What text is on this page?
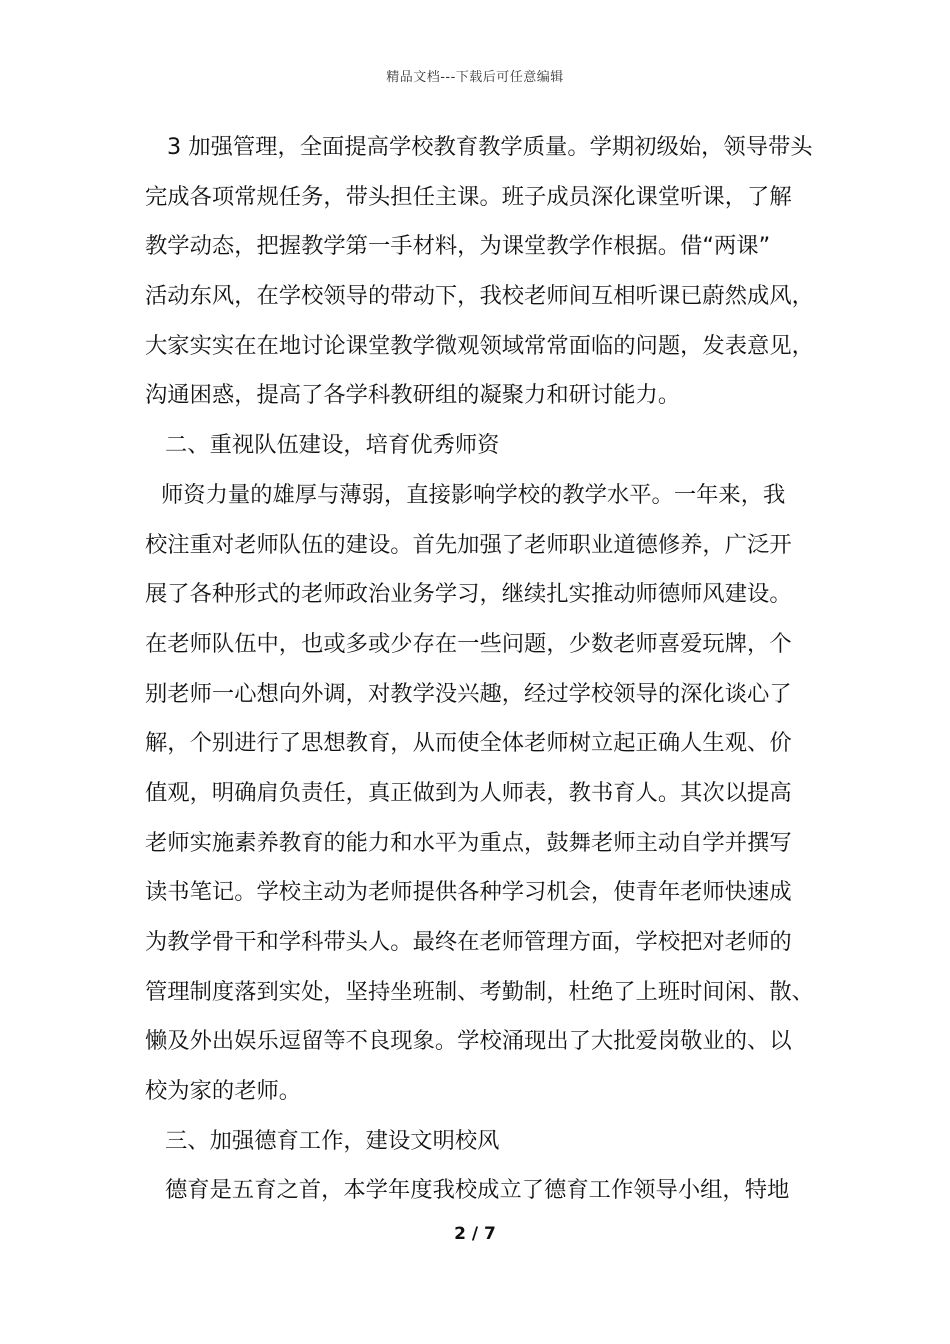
精品文档---下载后可任意编辑
3 加强管理，全面提高学校教育教学质量。学期初级始，领导带头
完成各项常规任务，带头担任主课。班子成员深化课堂听课，了解
教学动态，把握教学第一手材料，为课堂教学作根据。借“两课”
活动东风，在学校领导的带动下，我校老师间互相听课已蔚然成风，
大家实实在在地讨论课堂教学微观领域常常面临的问题，发表意见，
沟通困惑，提高了各学科教研组的凝聚力和研讨能力。
二、重视队伍建设，培育优秀师资
师资力量的雄厚与薄弱，直接影响学校的教学水平。一年来，我
校注重对老师队伍的建设。首先加强了老师职业道德修养，广泛开
展了各种形式的老师政治业务学习，继续扎实推动师德师风建设。
在老师队伍中，也或多或少存在一些问题，少数老师喜爱玩牌，个
别老师一心想向外调，对教学没兴趣，经过学校领导的深化谈心了
解，个别进行了思想教育，从而使全体老师树立起正确人生观、价
值观，明确肩负责任，真正做到为人师表，教书育人。其次以提高
老师实施素养教育的能力和水平为重点，鼓舞老师主动自学并撰写
读书笔记。学校主动为老师提供各种学习机会，使青年老师快速成
为教学骨干和学科带头人。最终在老师管理方面，学校把对老师的
管理制度落到实处，坚持坐班制、考勤制，杜绝了上班时间闲、散、
懒及外出娱乐逗留等不良现象。学校涌现出了大批爱岗敬业的、以
校为家的老师。
三、加强德育工作，建设文明校风
德育是五育之首，本学年度我校成立了德育工作领导小组，特地
2 / 7
